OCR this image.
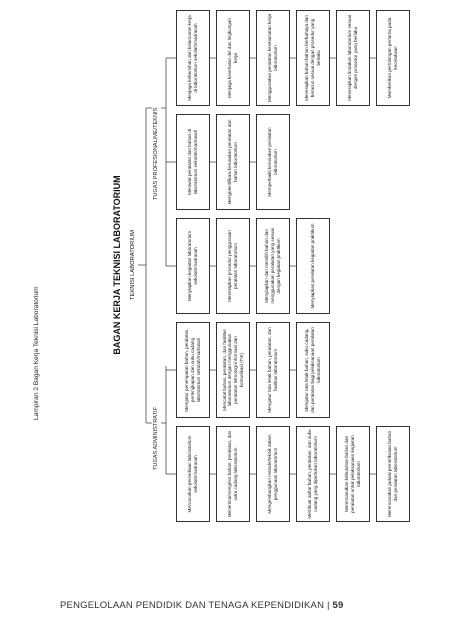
Lampiran 2 Bagan Kerja Teknisi Laboratorium	BAGAN KERJA TEKNISI LABORATORIUM TEKNISI LABORATORIUM
TUGAS ADMINISTRATIF
TUGAS PROFESIONAL/ME/TEKNIS
Mencocokan persediaan laboratorium sekolah/madrasah	Menerima/mengirim bahan, peralatan, dan suku cadang laboratorium	Mengembangkan metode/teknik dalam penggunaan laboratorium	Membuat daftar bahan, peralatan, dan suku cadang yang diperlukan laboratorium	Merencanakan kebutuhan bahan dan peralatan untuk pelaksanaan kegiatan laboratorium	Merencanakan jadwal pemeriksaan bahan dan peralatan laboratorium
Mengatur penempatan bahan, peralatan, perlengkapan dan suku cadang laboratorium sekolah/madrasah	Mencatat bahan, peralatan, dan fasilitas laboratorium dengan menggunakan peralatan teknologi informasi dan komunikasi (TIK)	Mengatur tata letak bahan, peralatan, dan fasilitas laboratorium	Mengatur tata letak bahan, suku cadang, dan peralatan bagi pelaksanaan peralatan laboratorium
Menyiapkan kegiatan laboratorium sekolah/madrasah	Menetapkan prosedur penggunaan peralatan laboratorium	Menyiapkan dan memilih bahan dan menggunakan peralatan yang sesuai dengan kegiatan praktikum	Menyiapkan peralatan kegiatan praktikum
Merawat peralatan dan bahan di laboratorium sekolah/madrasah	Mengidentifikasi kerusakan peralatan dan bahan laboratorium	Memperbaiki kerusakan peralatan laboratorium
Menjaga kebersihan dan kelancaran kerja di laboratorium sekolah/madrasah	Menjaga kesehatan diri dan lingkungan kerja	Menggunakan peralatan keselamatan kerja laboratorium	Menerapkan bahan-bahan berbahaya dan beracun sesuai dengan prosedur yang berlaku	Menerapkan tindakan laboratorium sesuai dengan prosedur yang berlaku	Memberikan pertolongan pertama pada kecelakaan
PENGELOLAAN PENDIDIK DAN TENAGA KEPENDIDIKAN | 59
